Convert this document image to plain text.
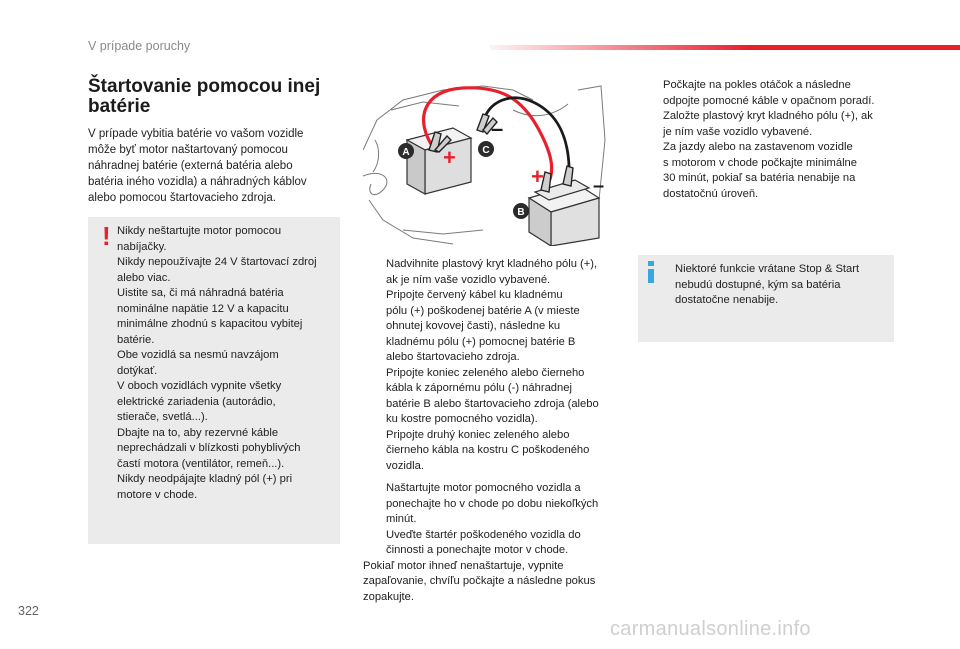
V prípade poruchy
Štartovanie pomocou inej
batérie
V prípade vybitia batérie vo vašom vozidle
môže byť motor naštartovaný pomocou
náhradnej batérie (externá batéria alebo
batéria iného vozidla) a náhradných káblov
alebo pomocou štartovacieho zdroja.
! Nikdy neštartujte motor pomocou
nabíjačky.
Nikdy nepoužívajte 24 V štartovací zdroj
alebo viac.
Uistite sa, či má náhradná batéria
nominálne napätie 12 V a kapacitu
minimálne zhodnú s kapacitou vybitej
batérie.
Obe vozidlá sa nesmú navzájom
dotýkať.
V oboch vozidlách vypnite všetky
elektrické zariadenia (autorádio,
stierače, svetlá...).
Dbajte na to, aby rezervné káble
neprechádzali v blízkosti pohyblivých
častí motora (ventilátor, remeň...).
Nikdy neodpájajte kladný pól (+) pri
motore v chode.
+
–
+ –
A	C
B
Nadvihnite plastový kryt kladného pólu (+),
ak je ním vaše vozidlo vybavené.
Pripojte červený kábel ku kladnému
pólu (+) poškodenej batérie A (v mieste
ohnutej kovovej časti), následne ku
kladnému pólu (+) pomocnej batérie B
alebo štartovacieho zdroja.
Pripojte koniec zeleného alebo čierneho
kábla k zápornému pólu (-) náhradnej
batérie B alebo štartovacieho zdroja (alebo
ku kostre pomocného vozidla).
Pripojte druhý koniec zeleného alebo
čierneho kábla na kostru C poškodeného
vozidla.
Naštartujte motor pomocného vozidla a
ponechajte ho v chode po dobu niekoľkých
minút.
Uveďte štartér poškodeného vozidla do
činnosti a ponechajte motor v chode.
Pokiaľ motor ihneď nenaštartuje, vypnite
zapaľovanie, chvíľu počkajte a následne pokus
zopakujte.
Počkajte na pokles otáčok a následne
odpojte pomocné káble v opačnom poradí.
Založte plastový kryt kladného pólu (+), ak
je ním vaše vozidlo vybavené.
Za jazdy alebo na zastavenom vozidle
s motorom v chode počkajte minimálne
30 minút, pokiaľ sa batéria nenabije na
dostatočnú úroveň.
Niektoré funkcie vrátane Stop & Start
nebudú dostupné, kým sa batéria
dostatočne nenabije.
322
carmanualsonline.info
